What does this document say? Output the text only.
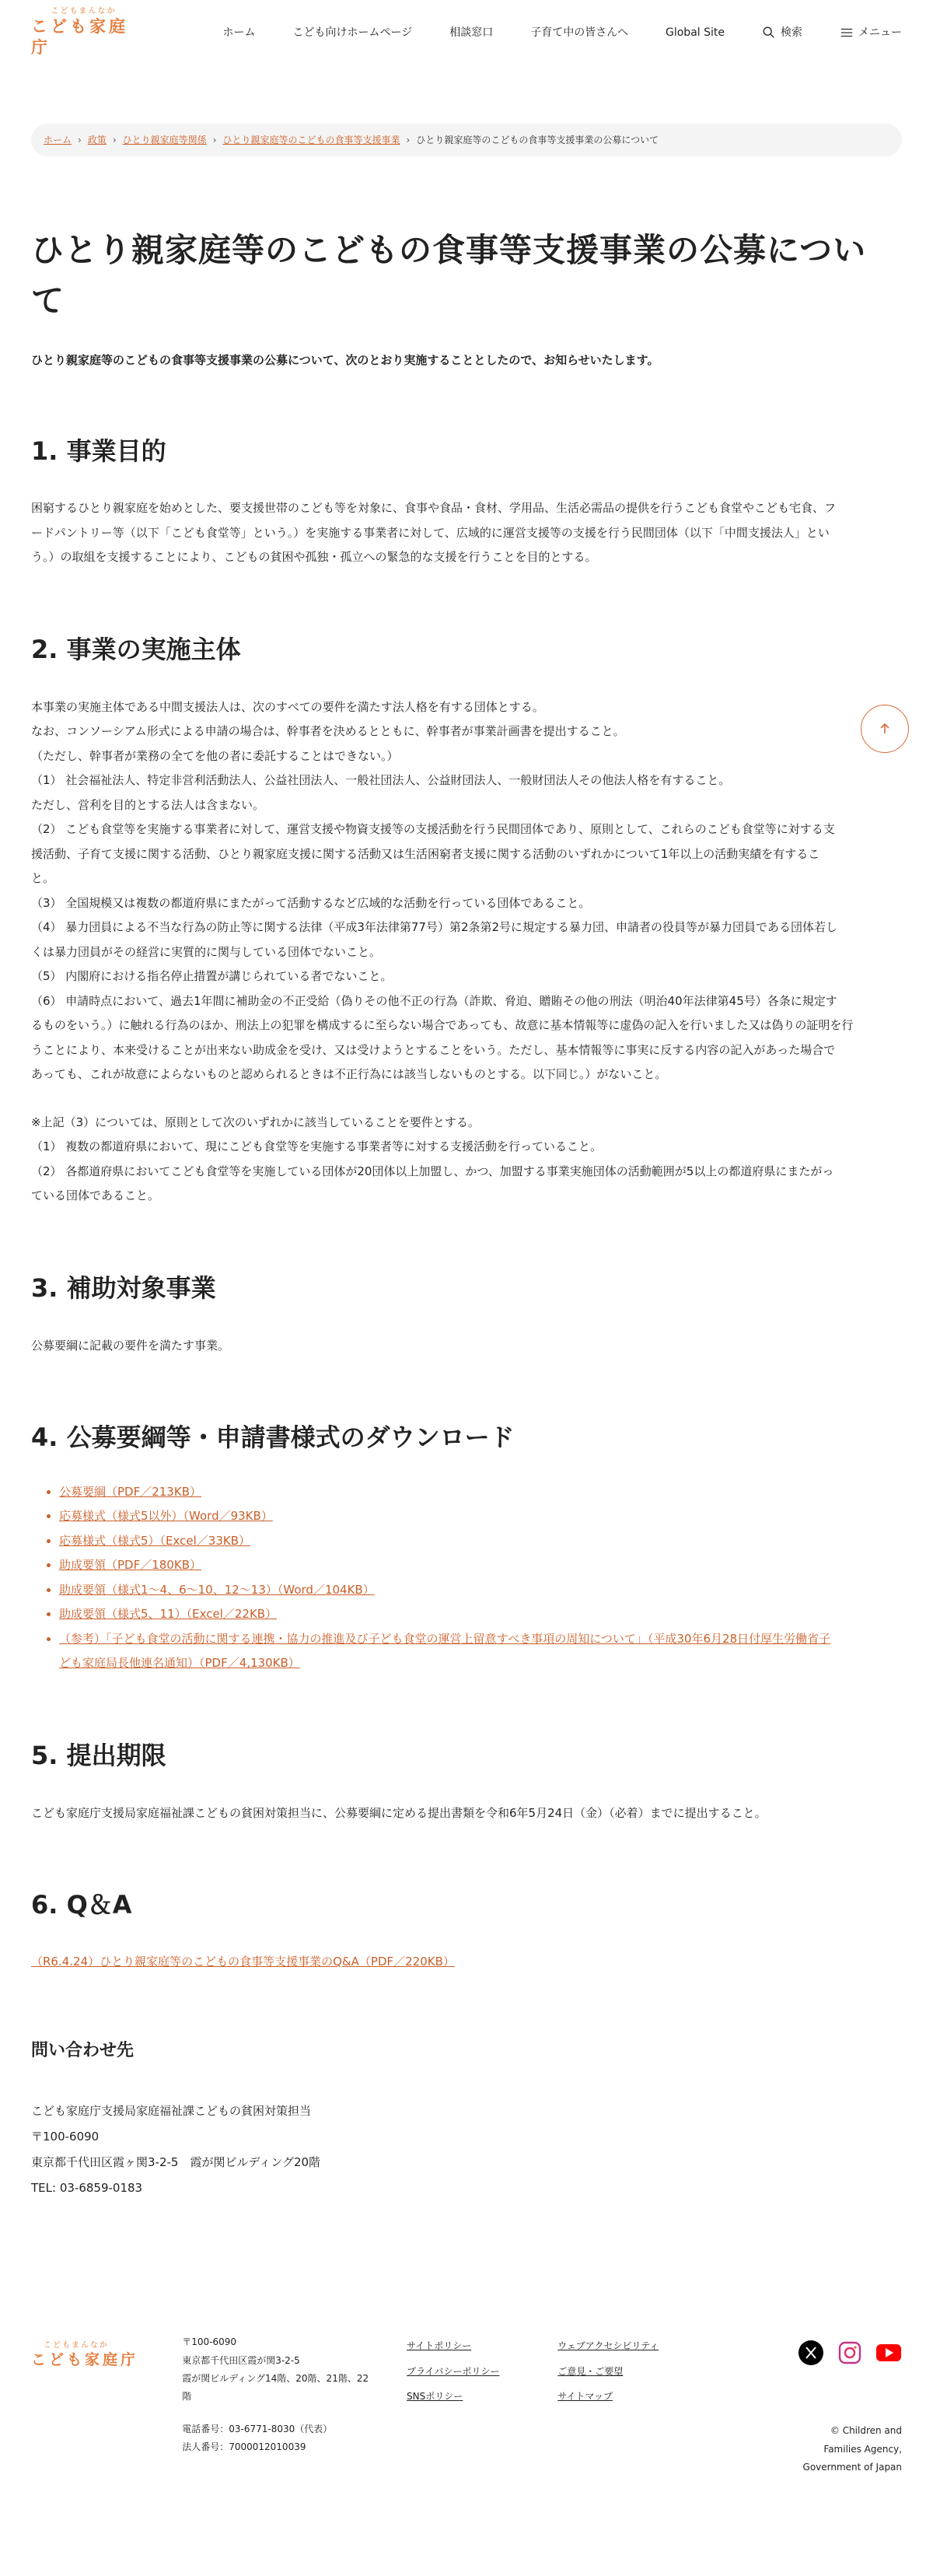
こどもまんなか
こども家庭庁
ホーム	こども向けホームページ	相談窓口	子育て中の皆さんへ	Global Site	検索	メニュー
ホーム › 政策 › ひとり親家庭等関係 › ひとり親家庭等のこどもの食事等支援事業 › ひとり親家庭等のこどもの食事等支援事業の公募について
ひとり親家庭等のこどもの食事等支援事業の公募につい
て

ひとり親家庭等のこどもの食事等支援事業の公募について、次のとおり実施することとしたので、お知らせいたします。

1. 事業目的

困窮するひとり親家庭を始めとした、要支援世帯のこども等を対象に、食事や食品・食材、学用品、生活必需品の提供を行うこども食堂やこども宅食、フ

ードパントリー等（以下「こども食堂等」という。）を実施する事業者に対して、広域的に運営支援等の支援を行う民間団体（以下「中間支援法人」とい

う。）の取組を支援することにより、こどもの貧困や孤独・孤立への緊急的な支援を行うことを目的とする。

2. 事業の実施主体

本事業の実施主体である中間支援法人は、次のすべての要件を満たす法人格を有する団体とする。

なお、コンソーシアム形式による申請の場合は、幹事者を決めるとともに、幹事者が事業計画書を提出すること。

（ただし、幹事者が業務の全てを他の者に委託することはできない。）

（1） 社会福祉法人、特定非営利活動法人、公益社団法人、一般社団法人、公益財団法人、一般財団法人その他法人格を有すること。

ただし、営利を目的とする法人は含まない。

（2） こども食堂等を実施する事業者に対して、運営支援や物資支援等の支援活動を行う民間団体であり、原則として、これらのこども食堂等に対する支

援活動、子育て支援に関する活動、ひとり親家庭支援に関する活動又は生活困窮者支援に関する活動のいずれかについて1年以上の活動実績を有するこ

と。

（3） 全国規模又は複数の都道府県にまたがって活動するなど広域的な活動を行っている団体であること。

（4） 暴力団員による不当な行為の防止等に関する法律（平成3年法律第77号）第2条第2号に規定する暴力団、申請者の役員等が暴力団員である団体若し

くは暴力団員がその経営に実質的に関与している団体でないこと。

（5） 内閣府における指名停止措置が講じられている者でないこと。

（6） 申請時点において、過去1年間に補助金の不正受給（偽りその他不正の行為（詐欺、脅迫、贈賄その他の刑法（明治40年法律第45号）各条に規定す

るものをいう。）に触れる行為のほか、刑法上の犯罪を構成するに至らない場合であっても、故意に基本情報等に虚偽の記入を行いました又は偽りの証明を行

うことにより、本来受けることが出来ない助成金を受け、又は受けようとすることをいう。ただし、基本情報等に事実に反する内容の記入があった場合で

あっても、これが故意によらないものと認められるときは不正行為には該当しないものとする。以下同じ。）がないこと。

※上記（3）については、原則として次のいずれかに該当していることを要件とする。

（1） 複数の都道府県において、現にこども食堂等を実施する事業者等に対する支援活動を行っていること。

（2） 各都道府県においてこども食堂等を実施している団体が20団体以上加盟し、かつ、加盟する事業実施団体の活動範囲が5以上の都道府県にまたがっ

ている団体であること。

3. 補助対象事業

公募要綱に記載の要件を満たす事業。

4. 公募要綱等・申請書様式のダウンロード
• 公募要綱（PDF／213KB）
• 応募様式（様式5以外）（Word／93KB）
• 応募様式（様式5）（Excel／33KB）
• 助成要領（PDF／180KB）
• 助成要領（様式1〜4、6〜10、12〜13）（Word／104KB）
• 助成要領（様式5、11）（Excel／22KB）
• （参考）「子ども食堂の活動に関する連携・協力の推進及び子ども食堂の運営上留意すべき事項の周知について」（平成30年6月28日付厚生労働省子
ども家庭局長他連名通知）（PDF／4,130KB）
5. 提出期限

こども家庭庁支援局家庭福祉課こどもの貧困対策担当に、公募要綱に定める提出書類を令和6年5月24日（金）（必着）までに提出すること。

6. Q＆A
（R6.4.24）ひとり親家庭等のこどもの食事等支援事業のQ&A（PDF／220KB）
問い合わせ先

こども家庭庁支援局家庭福祉課こどもの貧困対策担当

〒100-6090

東京都千代田区霞ヶ関3-2-5　霞が関ビルディング20階

TEL: 03-6859-0183

こどもまんなか
こども家庭庁

〒100-6090

東京都千代田区霞が関3-2-5

霞が関ビルディング14階、20階、21階、22

階

電話番号：03-6771-8030（代表）

法人番号：7000012010039

サイトポリシー

プライバシーポリシー

SNSポリシー

ウェブアクセシビリティ

ご意見・ご要望

サイトマップ

© Children and Families Agency,

Government of Japan
